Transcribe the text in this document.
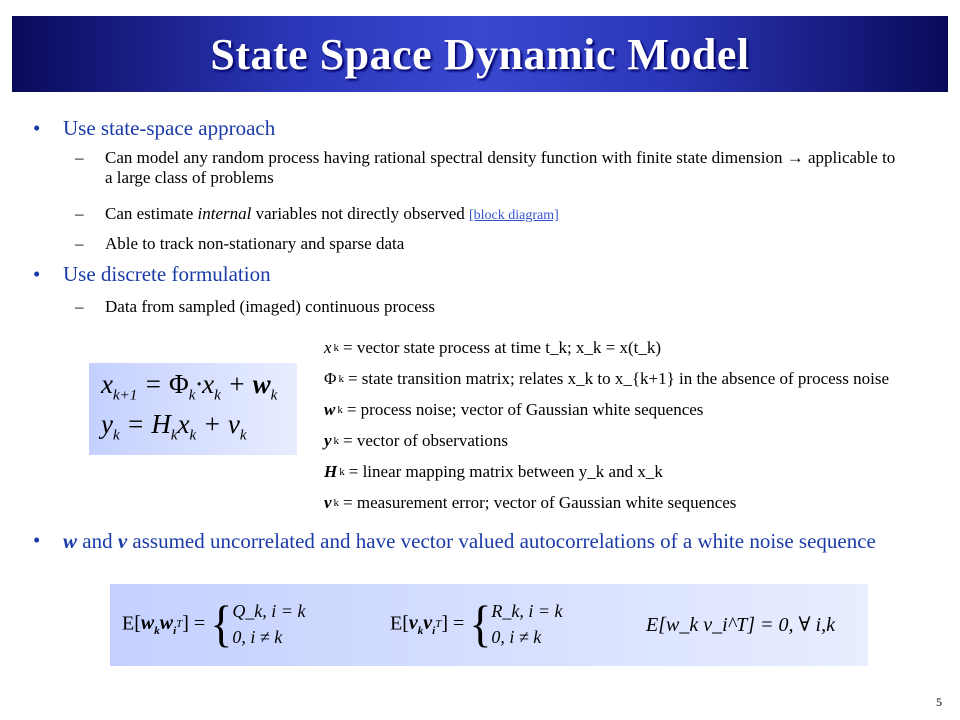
State Space Dynamic Model
• Use state-space approach
– Can model any random process having rational spectral density function with finite state dimension → applicable to a large class of problems
– Can estimate internal variables not directly observed [block diagram]
– Able to track non-stationary and sparse data
• Use discrete formulation
– Data from sampled (imaged) continuous process
$x_{k+1} = \Phi_k\cdot x_k + w_k$
$y_k = H_kx_k + v_k$
x k = vector state process at time t_k; x_k = x(t_k)
Φ k = state transition matrix; relates x_k to x_{k+1} in the absence of process noise
w k = process noise; vector of Gaussian white sequences
y k = vector of observations
H k = linear mapping matrix between y_k and x_k
v k = measurement error; vector of Gaussian white sequences
• w and v assumed uncorrelated and have vector valued autocorrelations of a white noise sequence
$E[w_kw_iT]$ = {Q_k, i = k
0, i ≠ k
$E[v_kv_iT]$ = {R_k, i = k
0, i ≠ k
E[w_k v_i^T] = 0, ∀ i,k
5
